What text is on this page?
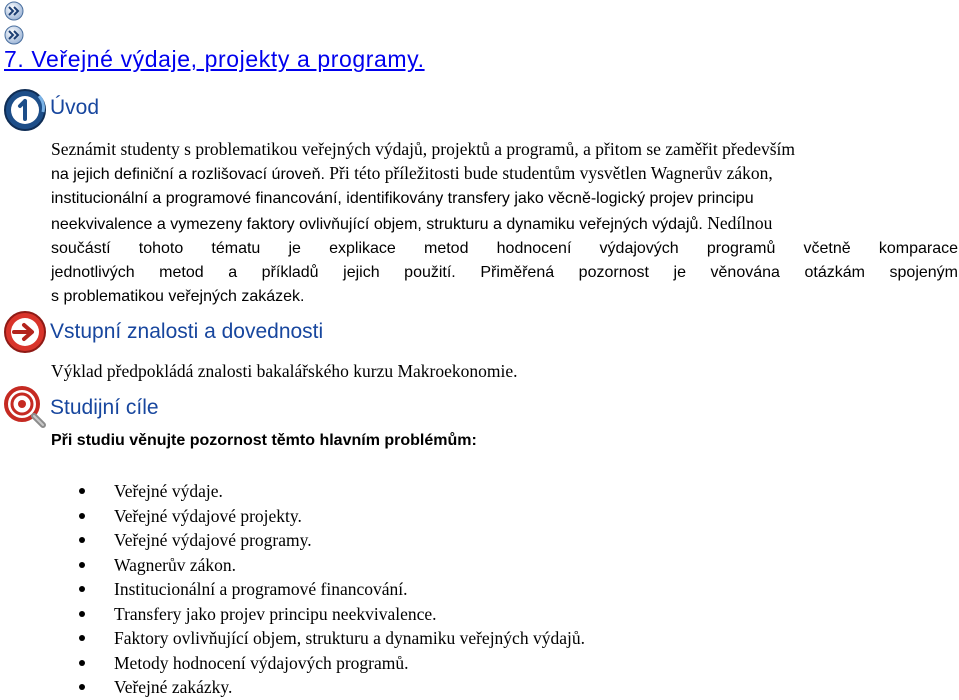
7. Veřejné výdaje, projekty a programy.
Úvod
Seznámit studenty s problematikou veřejných výdajů, projektů a programů, a přitom se zaměřit především
na jejich definiční a rozlišovací úroveň. Při této příležitosti bude studentům vysvětlen Wagnerův zákon,
institucionální a programové financování, identifikovány transfery jako věcně-logický projev principu
neekvivalence a vymezeny faktory ovlivňující objem, strukturu a dynamiku veřejných výdajů. Nedílnou
součástí tohoto tématu je explikace metod hodnocení výdajových programů včetně komparace
jednotlivých metod a příkladů jejich použití. Přiměřená pozornost je věnována otázkám spojeným
s problematikou veřejných zakázek.
Vstupní znalosti a dovednosti

Výklad předpokládá znalosti bakalářského kurzu Makroekonomie.

Studijní cíle

Při studiu věnujte pozornost těmto hlavním problémům:

Veřejné výdaje.
Veřejné výdajové projekty.
Veřejné výdajové programy.
Wagnerův zákon.
Institucionální a programové financování.
Transfery jako projev principu neekvivalence.
Faktory ovlivňující objem, strukturu a dynamiku veřejných výdajů.
Metody hodnocení výdajových programů.
Veřejné zakázky.
